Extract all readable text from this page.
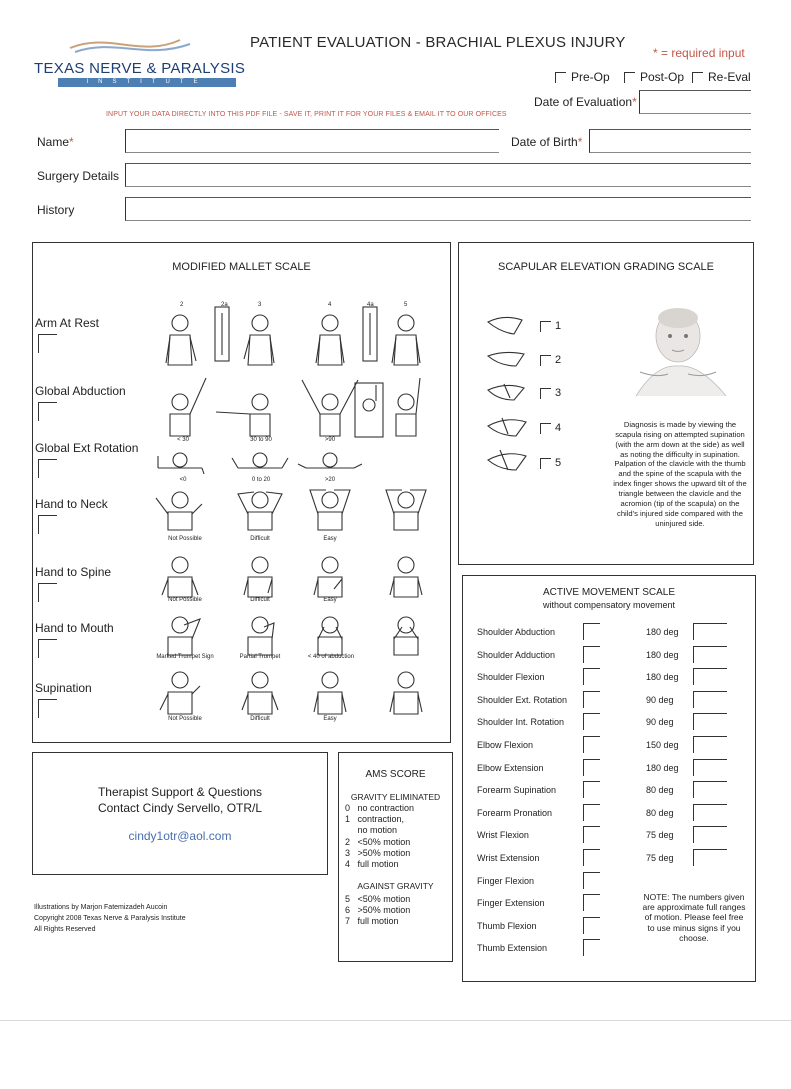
TEXAS NERVE & PARALYSIS
INSTITUTE
PATIENT EVALUATION - BRACHIAL PLEXUS INJURY
* = required input
Pre-Op	Post-Op Re-Eval
Date of Evaluation*
INPUT YOUR DATA DIRECTLY INTO THIS PDF FILE - SAVE IT, PRINT IT FOR YOUR FILES & EMAIL IT TO OUR OFFICES
Name*	Date of Birth*
Surgery Details
History
MODIFIED MALLET SCALE
2	2a	3	4	4a	5
Arm At Rest
Global Abduction
Global Ext Rotation
Hand to Neck
Hand to Spine
Hand to Mouth
Supination
< 30	30 to 90	>90
<0	0 to 20	>20
Not Possible	Difficult	Easy
Not Possible	Difficult	Easy
Marked Trumpet Sign	Partial Trumpet	< 40 of abduction
Not Possible	Difficult	Easy
SCAPULAR ELEVATION GRADING SCALE
1
2
3
4
5
Diagnosis is made by viewing the scapula rising on attempted supination (with the arm down at the side) as well as noting the difficulty in supination. Palpation of the clavicle with the thumb and the spine of the scapula with the index finger shows the upward tilt of the triangle between the clavicle and the acromion (tip of the scapula) on the child's injured side compared with the uninjured side.
ACTIVE MOVEMENT SCALE
without compensatory movement
Shoulder Abduction	180 deg
Shoulder Adduction	180 deg
Shoulder Flexion	180 deg
Shoulder Ext. Rotation	90 deg
Shoulder Int. Rotation	90 deg
Elbow Flexion	150 deg
Elbow Extension	180 deg
Forearm Supination	80 deg
Forearm Pronation	80 deg
Wrist Flexion	75 deg
Wrist Extension	75 deg
Finger Flexion
Finger Extension
Thumb Flexion
Thumb Extension
NOTE: The numbers given are approximate full ranges of motion. Please feel free to use minus signs if you choose.
Therapist Support & Questions
Contact Cindy Servello, OTR/L
cindy1otr@aol.com
Illustrations by Marjon Fatemizadeh Aucoin
Copyright 2008 Texas Nerve & Paralysis Institute
All Rights Reserved
AMS SCORE
GRAVITY ELIMINATED
0   no contraction
1   contraction,
no motion
2   <50% motion
3   >50% motion
4   full motion
AGAINST GRAVITY
5   <50% motion
6   >50% motion
7   full motion
